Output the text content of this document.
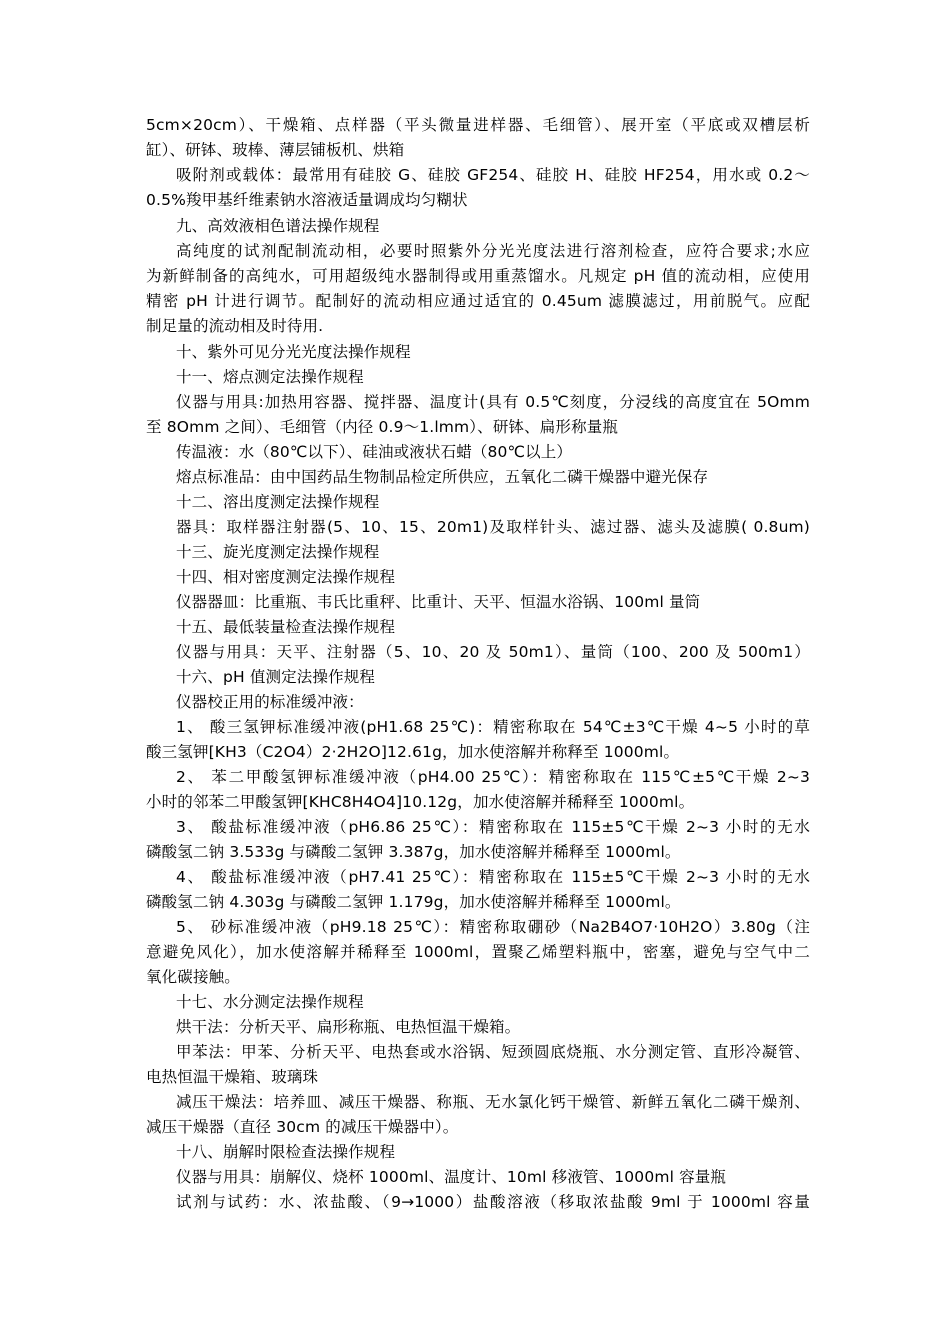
5cm×20cm）、干燥箱、点样器（平头微量进样器、毛细管）、展开室（平底或双槽层析
缸）、研钵、玻棒、薄层铺板机、烘箱
吸附剂或载体：最常用有硅胶 G、硅胶 GF254、硅胶 H、硅胶 HF254，用水或 0.2～
0.5%羧甲基纤维素钠水溶液适量调成均匀糊状
九、高效液相色谱法操作规程
高纯度的试剂配制流动相，必要时照紫外分光光度法进行溶剂检查，应符合要求;水应
为新鲜制备的高纯水，可用超级纯水器制得或用重蒸馏水。凡规定 pH 值的流动相，应使用
精密 pH 计进行调节。配制好的流动相应通过适宜的 0.45um 滤膜滤过，用前脱气。应配
制足量的流动相及时待用.
十、紫外可见分光光度法操作规程
十一、熔点测定法操作规程
仪器与用具:加热用容器、搅拌器、温度计(具有 0.5℃刻度，分浸线的高度宜在 5Omm
至 8Omm 之间）、毛细管（内径 0.9～1.lmm）、研钵、扁形称量瓶
传温液：水（80℃以下）、硅油或液状石蜡（80℃以上）
熔点标准品：由中国药品生物制品检定所供应，五氧化二磷干燥器中避光保存
十二、溶出度测定法操作规程
器具：取样器注射器(5、10、15、20m1)及取样针头、滤过器、滤头及滤膜( 0.8um)
十三、旋光度测定法操作规程
十四、相对密度测定法操作规程
仪器器皿：比重瓶、韦氏比重秤、比重计、天平、恒温水浴锅、100ml 量筒
十五、最低装量检查法操作规程
仪器与用具：天平、注射器（5、10、20 及 50m1）、量筒（100、200 及 500m1）
十六、pH 值测定法操作规程
仪器校正用的标准缓冲液：
1、 酸三氢钾标准缓冲液(pH1.68 25℃)：精密称取在 54℃±3℃干燥 4~5 小时的草
酸三氢钾[KH3（C2O4）2·2H2O]12.61g，加水使溶解并称释至 1000ml。
2、 苯二甲酸氢钾标准缓冲液（pH4.00 25℃）：精密称取在 115℃±5℃干燥 2~3
小时的邻苯二甲酸氢钾[KHC8H4O4]10.12g，加水使溶解并稀释至 1000ml。
3、 酸盐标准缓冲液（pH6.86 25℃）：精密称取在 115±5℃干燥 2~3 小时的无水
磷酸氢二钠 3.533g 与磷酸二氢钾 3.387g，加水使溶解并稀释至 1000ml。
4、 酸盐标准缓冲液（pH7.41 25℃）：精密称取在 115±5℃干燥 2~3 小时的无水
磷酸氢二钠 4.303g 与磷酸二氢钾 1.179g，加水使溶解并稀释至 1000ml。
5、 砂标准缓冲液（pH9.18 25℃）：精密称取硼砂（Na2B4O7·10H2O）3.80g（注
意避免风化），加水使溶解并稀释至 1000ml，置聚乙烯塑料瓶中，密塞，避免与空气中二
氧化碳接触。
十七、水分测定法操作规程
烘干法：分析天平、扁形称瓶、电热恒温干燥箱。
甲苯法：甲苯、分析天平、电热套或水浴锅、短颈圆底烧瓶、水分测定管、直形冷凝管、
电热恒温干燥箱、玻璃珠
减压干燥法：培养皿、减压干燥器、称瓶、无水氯化钙干燥管、新鲜五氧化二磷干燥剂、
减压干燥器（直径 30cm 的减压干燥器中）。
十八、崩解时限检查法操作规程
仪器与用具：崩解仪、烧杯 1000ml、温度计、10ml 移液管、1000ml 容量瓶
试剂与试药：水、浓盐酸、（9→1000）盐酸溶液（移取浓盐酸 9ml 于 1000ml 容量
